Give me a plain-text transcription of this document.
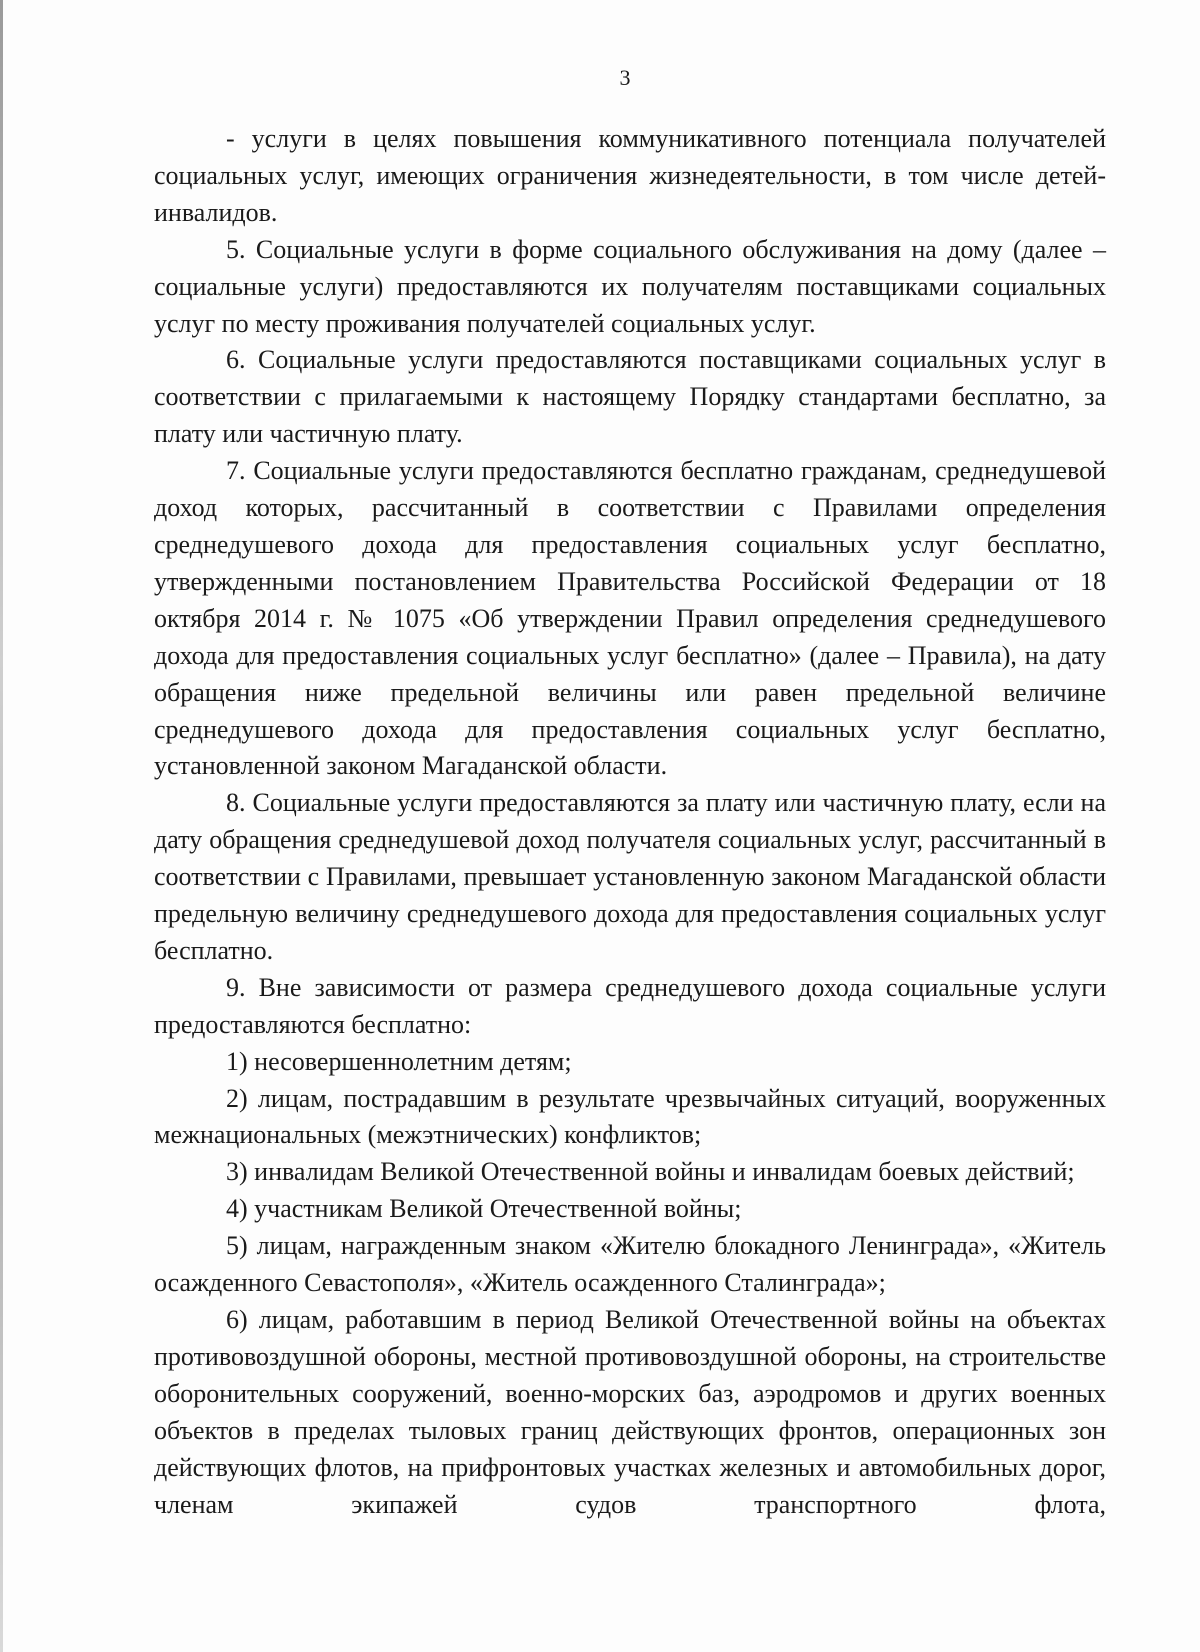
3

- услуги в целях повышения коммуникативного потенциала получателей социальных услуг, имеющих ограничения жизнедеятельности, в том числе детей-инвалидов.

5. Социальные услуги в форме социального обслуживания на дому (далее – социальные услуги) предоставляются их получателям поставщиками социальных услуг по месту проживания получателей социальных услуг.

6. Социальные услуги предоставляются поставщиками социальных услуг в соответствии с прилагаемыми к настоящему Порядку стандартами бесплатно, за плату или частичную плату.

7. Социальные услуги предоставляются бесплатно гражданам, среднедушевой доход которых, рассчитанный в соответствии с Правилами определения среднедушевого дохода для предоставления социальных услуг бесплатно, утвержденными постановлением Правительства Российской Федерации от 18 октября 2014 г. № 1075 «Об утверждении Правил определения среднедушевого дохода для предоставления социальных услуг бесплатно» (далее – Правила), на дату обращения ниже предельной величины или равен предельной величине среднедушевого дохода для предоставления социальных услуг бесплатно, установленной законом Магаданской области.

8. Социальные услуги предоставляются за плату или частичную плату, если на дату обращения среднедушевой доход получателя социальных услуг, рассчитанный в соответствии с Правилами, превышает установленную законом Магаданской области предельную величину среднедушевого дохода для предоставления социальных услуг бесплатно.

9. Вне зависимости от размера среднедушевого дохода социальные услуги предоставляются бесплатно:

1) несовершеннолетним детям;

2) лицам, пострадавшим в результате чрезвычайных ситуаций, вооруженных межнациональных (межэтнических) конфликтов;

3) инвалидам Великой Отечественной войны и инвалидам боевых действий;

4) участникам Великой Отечественной войны;

5) лицам, награжденным знаком «Жителю блокадного Ленинграда», «Житель осажденного Севастополя», «Житель осажденного Сталинграда»;

6) лицам, работавшим в период Великой Отечественной войны на объектах противовоздушной обороны, местной противовоздушной обороны, на строительстве оборонительных сооружений, военно-морских баз, аэродромов и других военных объектов в пределах тыловых границ действующих фронтов, операционных зон действующих флотов, на прифронтовых участках железных и автомобильных дорог, членам экипажей судов транспортного флота,
